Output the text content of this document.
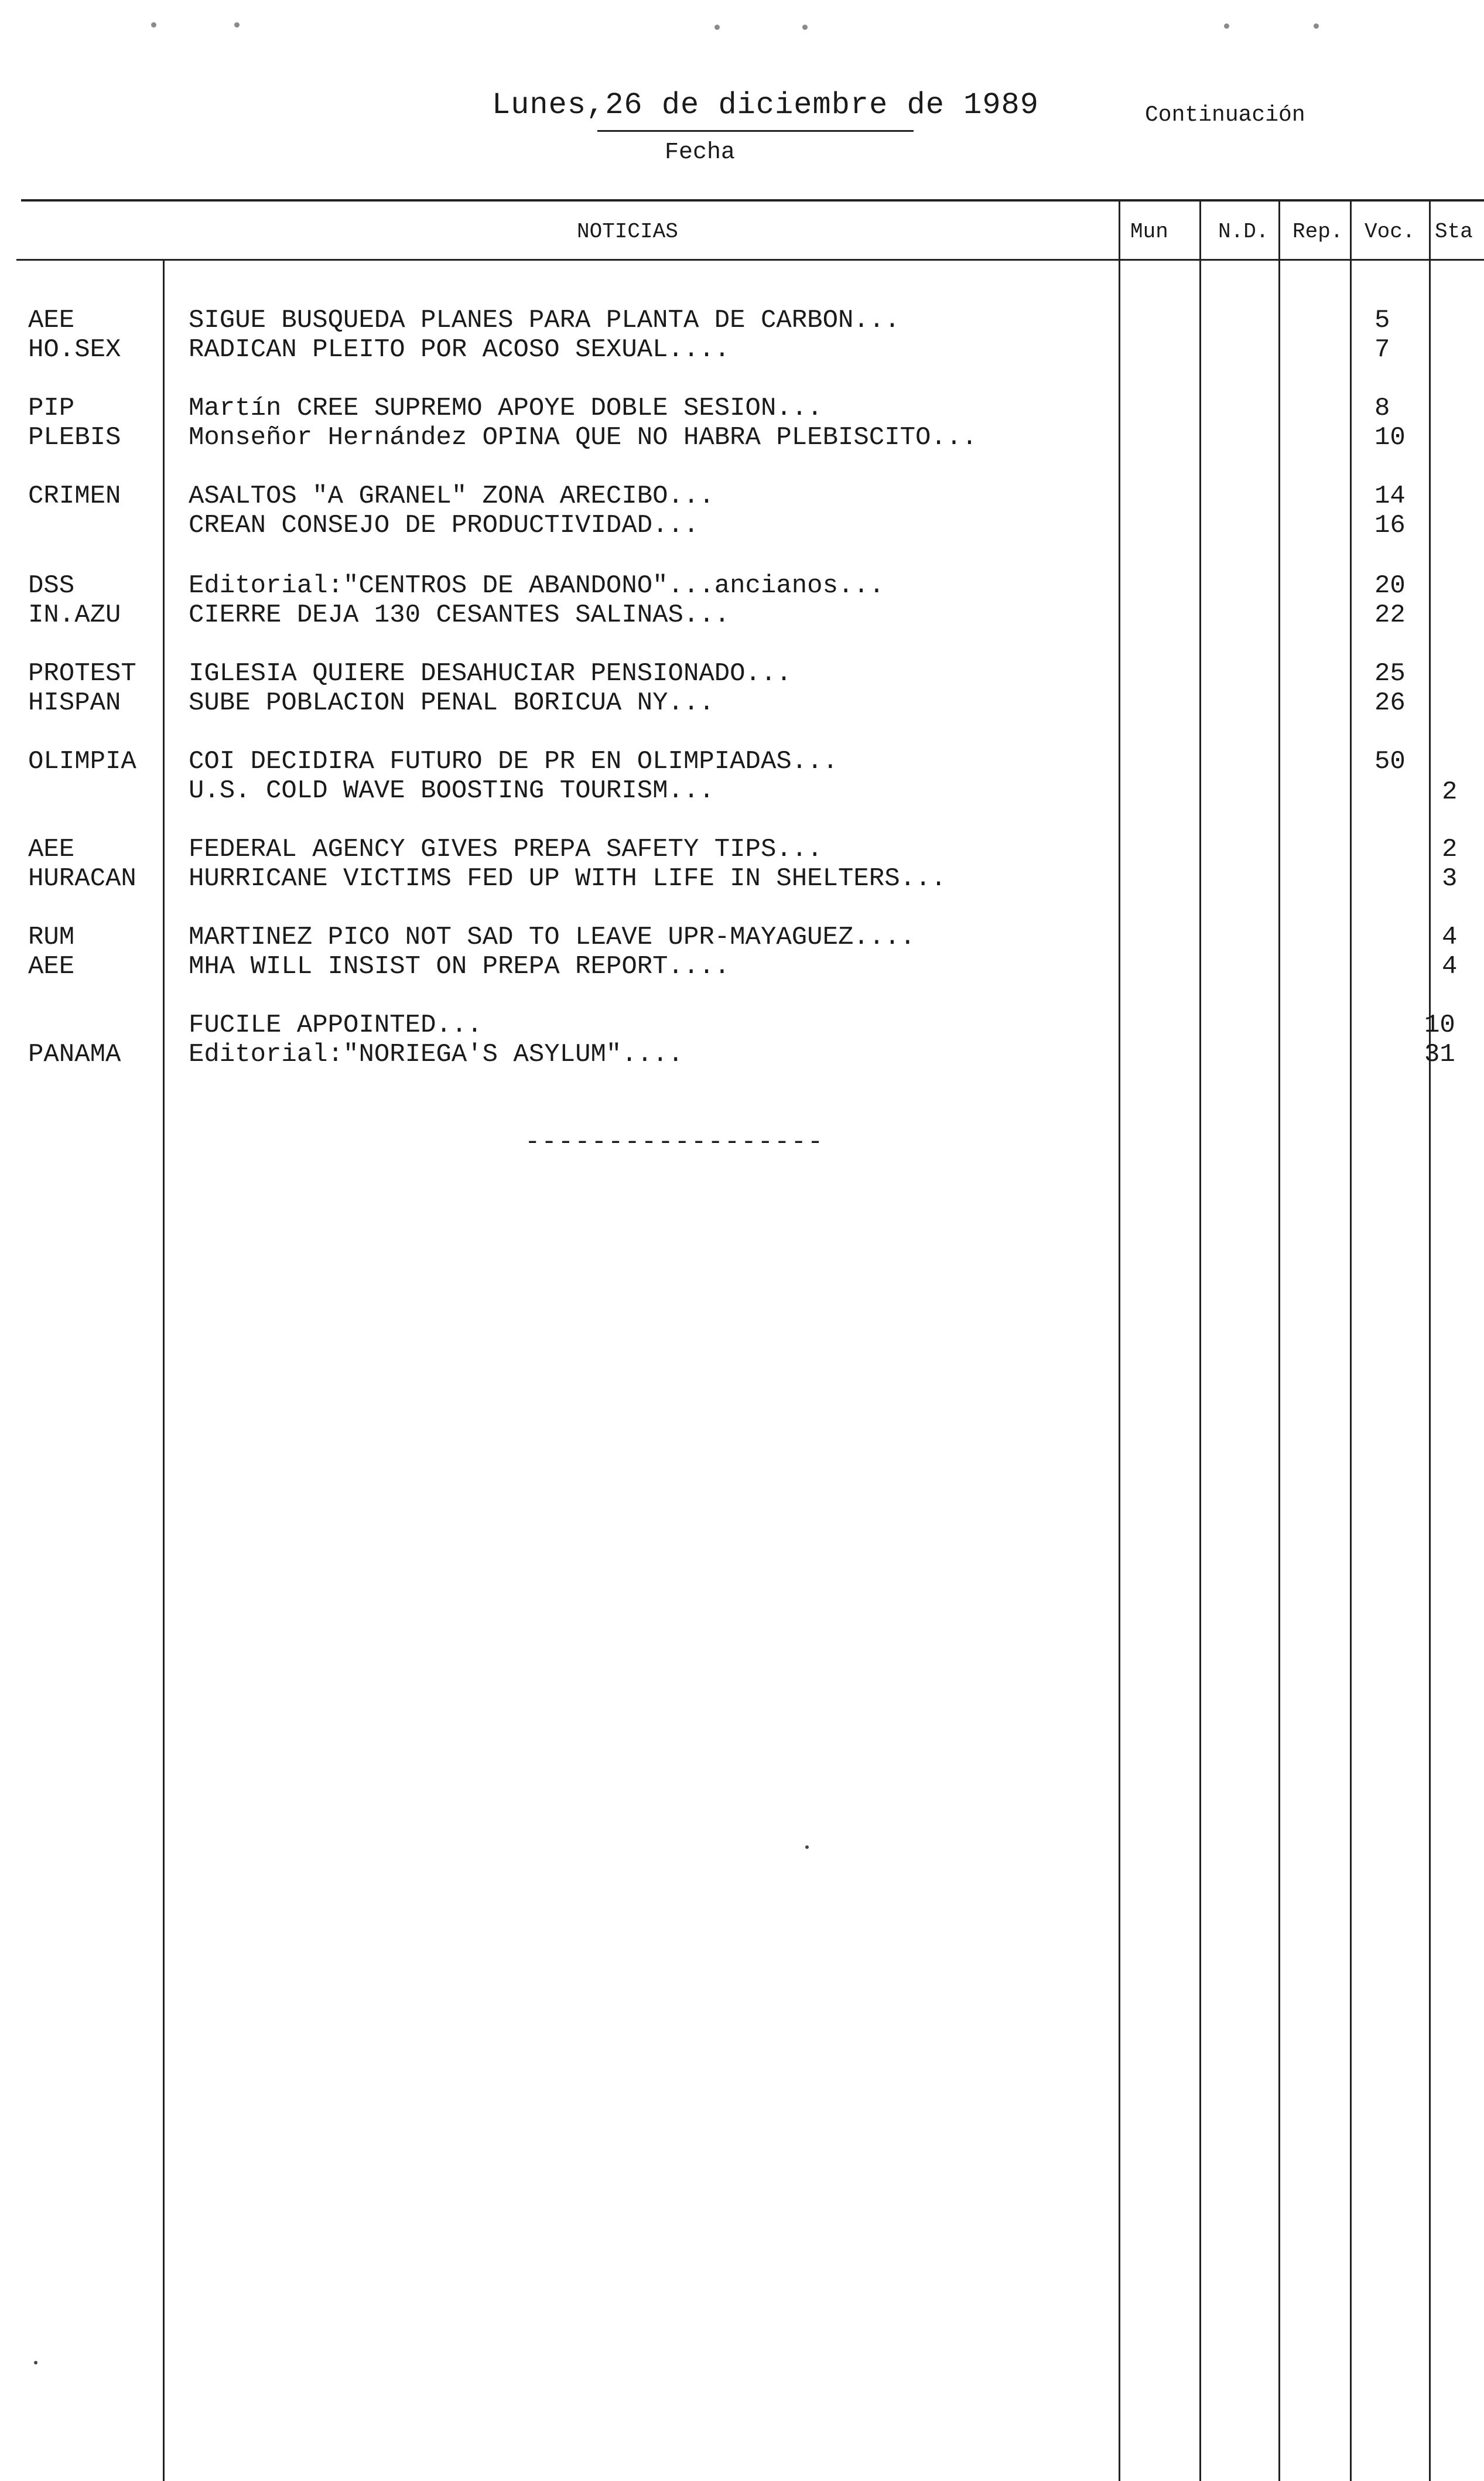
Lunes,26 de diciembre de 1989
Fecha
Continuación
NOTICIAS	Mun N.D. Rep. Voc. Sta
AEE
HO.SEX
PIP
PLEBIS
CRIMEN
DSS
IN.AZU
PROTEST
HISPAN
OLIMPIA
AEE
HURACAN
RUM
AEE
PANAMA
SIGUE BUSQUEDA PLANES PARA PLANTA DE CARBON...
RADICAN PLEITO POR ACOSO SEXUAL....
Martín CREE SUPREMO APOYE DOBLE SESION...
Monseñor Hernández OPINA QUE NO HABRA PLEBISCITO...
ASALTOS "A GRANEL" ZONA ARECIBO...
CREAN CONSEJO DE PRODUCTIVIDAD...
Editorial:"CENTROS DE ABANDONO"...ancianos...
CIERRE DEJA 130 CESANTES SALINAS...
IGLESIA QUIERE DESAHUCIAR PENSIONADO...
SUBE POBLACION PENAL BORICUA NY...
COI DECIDIRA FUTURO DE PR EN OLIMPIADAS...
U.S. COLD WAVE BOOSTING TOURISM...
FEDERAL AGENCY GIVES PREPA SAFETY TIPS...
HURRICANE VICTIMS FED UP WITH LIFE IN SHELTERS...
MARTINEZ PICO NOT SAD TO LEAVE UPR-MAYAGUEZ....
MHA WILL INSIST ON PREPA REPORT....
FUCILE APPOINTED...
Editorial:"NORIEGA'S ASYLUM"....
5
7
8
10
14
16
20
22
25
26
50
2
2
3
4
4
10
31
------------------
